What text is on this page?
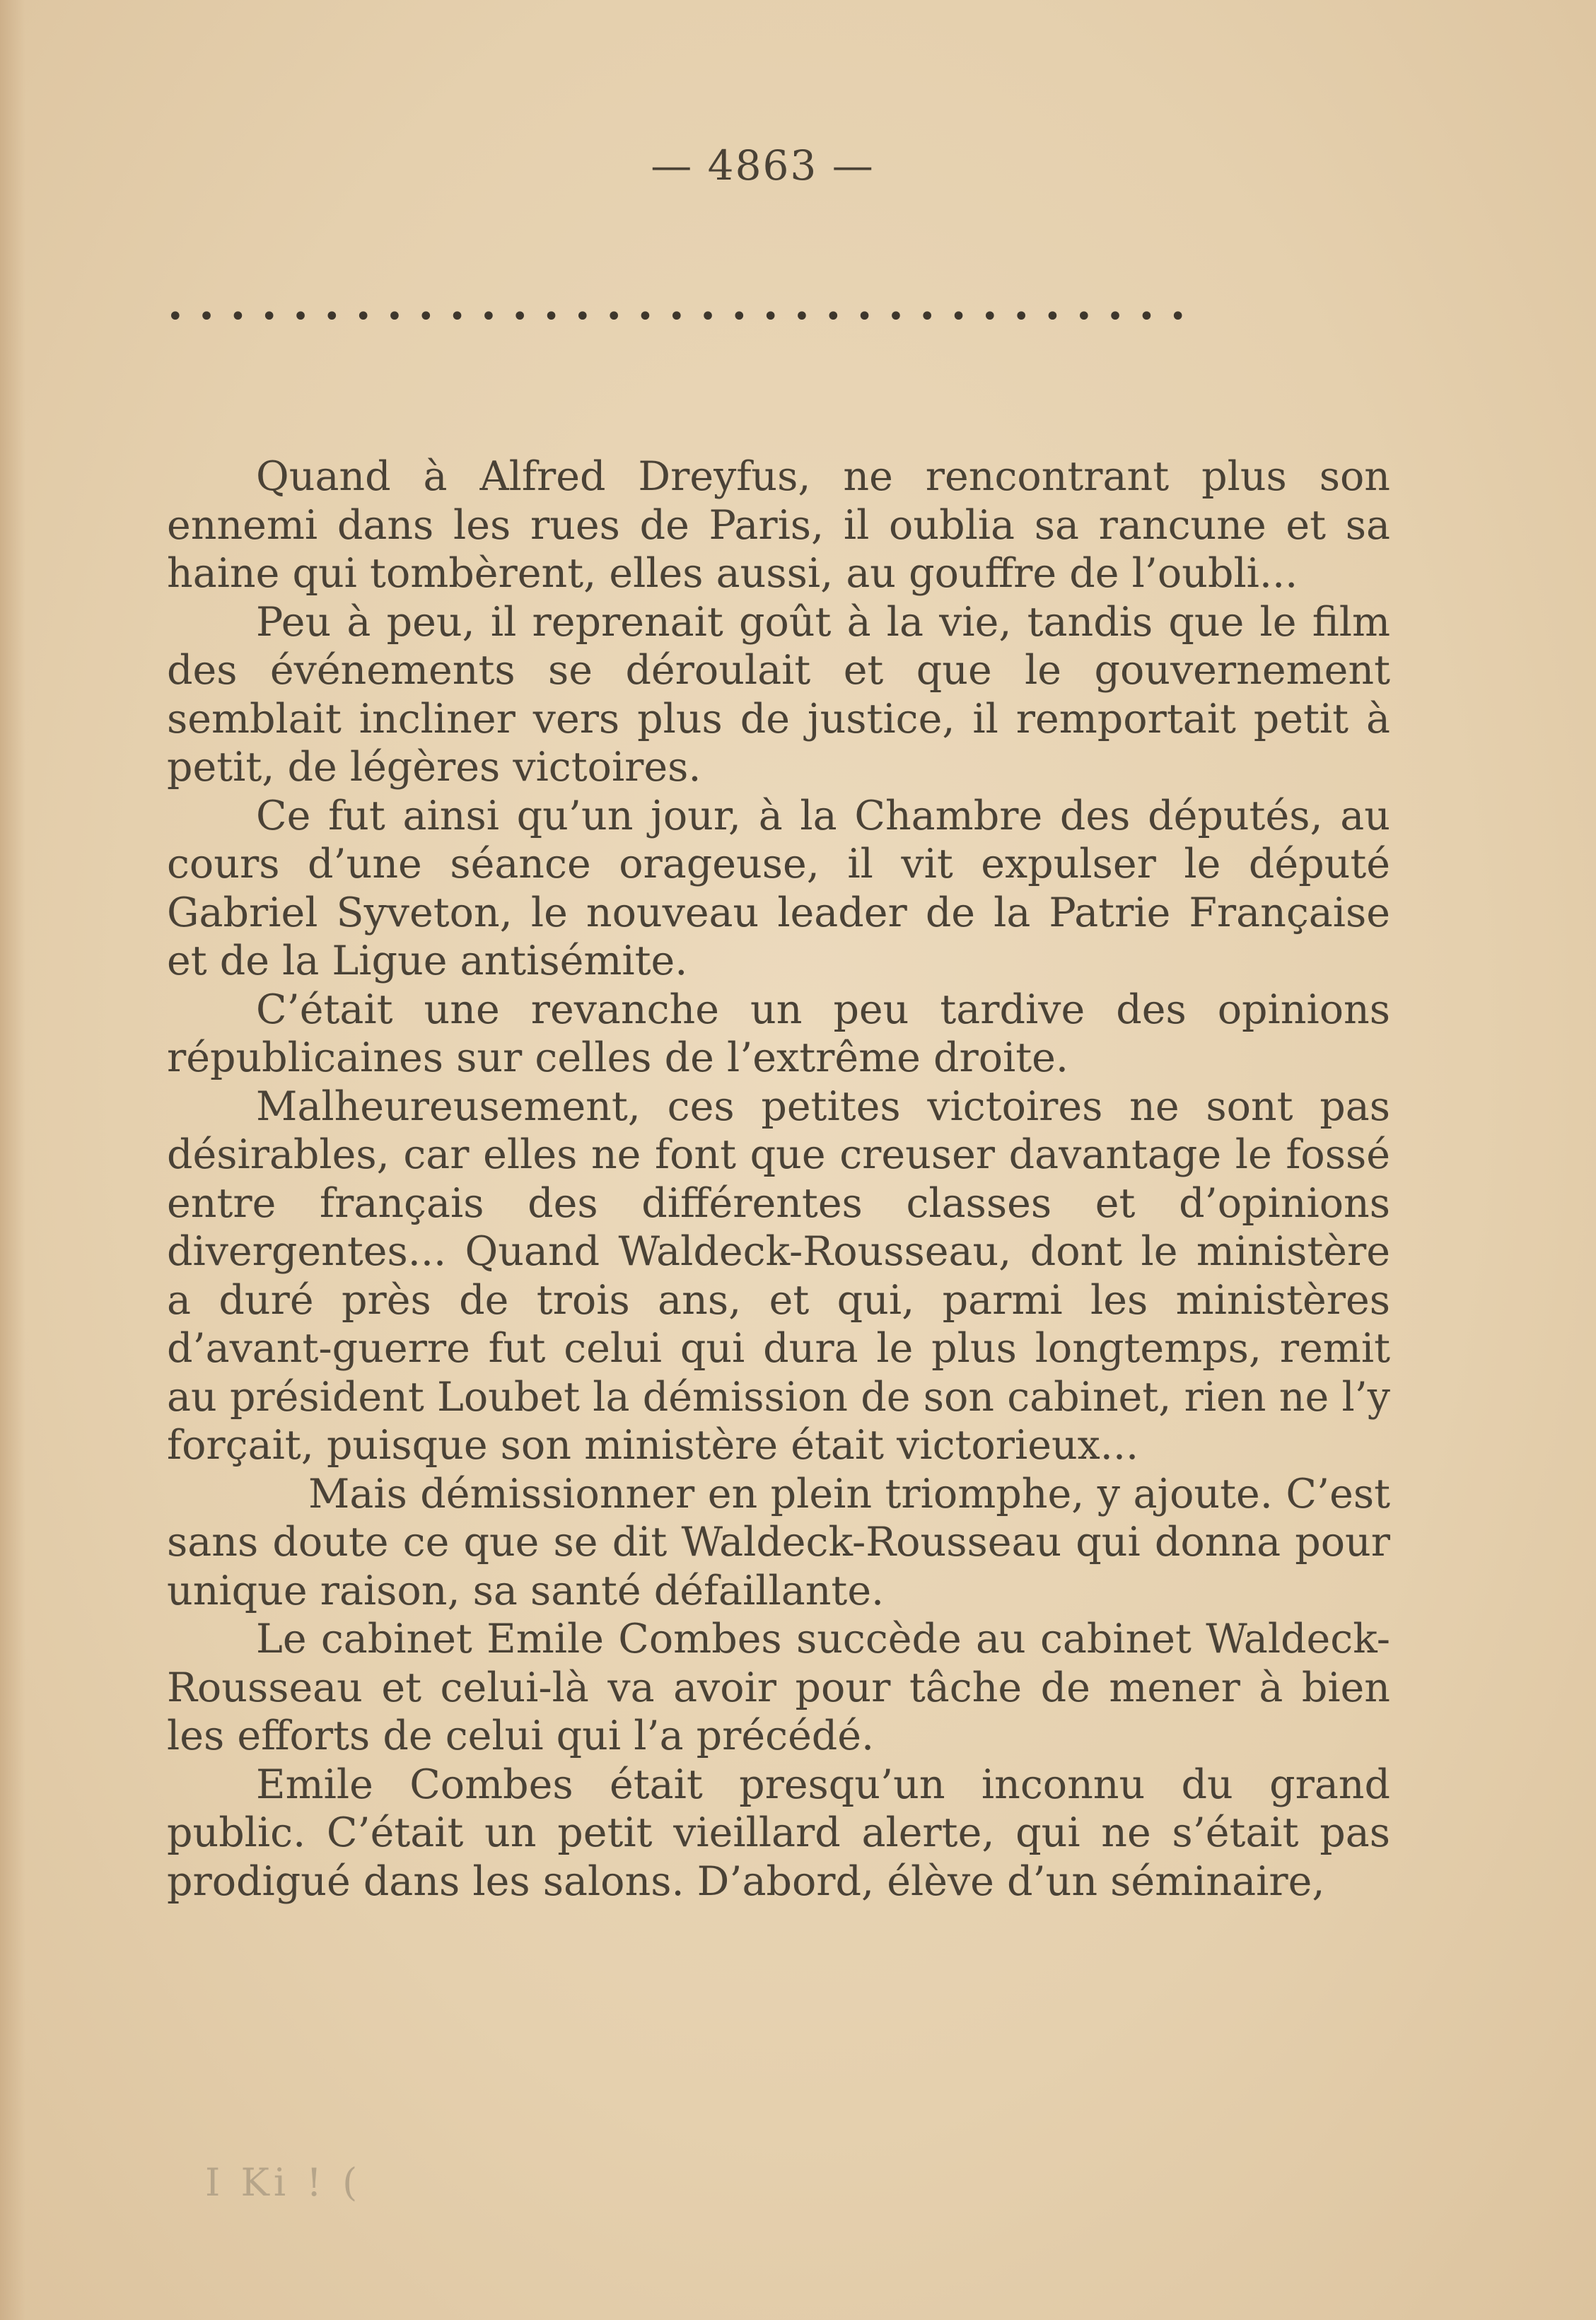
— 4863 —
• • • • • • • • • • • • • • • • • • • • • • • • • • • • • • • • •

Quand à Alfred Dreyfus, ne rencontrant plus son ennemi dans les rues de Paris, il oublia sa rancune et sa haine qui tombèrent, elles aussi, au gouffre de l’oubli...

Peu à peu, il reprenait goût à la vie, tandis que le film des événements se déroulait et que le gouvernement semblait incliner vers plus de justice, il remportait petit à petit, de légères victoires.

Ce fut ainsi qu’un jour, à la Chambre des députés, au cours d’une séance orageuse, il vit expulser le député Gabriel Syveton, le nouveau leader de la Patrie Française et de la Ligue antisémite.

C’était une revanche un peu tardive des opinions républicaines sur celles de l’extrême droite.

Malheureusement, ces petites victoires ne sont pas désirables, car elles ne font que creuser davantage le fossé entre français des différentes classes et d’opinions divergentes... Quand Waldeck-Rousseau, dont le ministère a duré près de trois ans, et qui, parmi les ministères d’avant-guerre fut celui qui dura le plus longtemps, remit au président Loubet la démission de son cabinet, rien ne l’y forçait, puisque son ministère était victorieux...

Mais démissionner en plein triomphe, y ajoute. C’est sans doute ce que se dit Waldeck-Rousseau qui donna pour unique raison, sa santé défaillante.

Le cabinet Emile Combes succède au cabinet Waldeck-Rousseau et celui-là va avoir pour tâche de mener à bien les efforts de celui qui l’a précédé.

Emile Combes était presqu’un inconnu du grand public. C’était un petit vieillard alerte, qui ne s’était pas prodigué dans les salons. D’abord, élève d’un séminaire,

I Ki ! (
